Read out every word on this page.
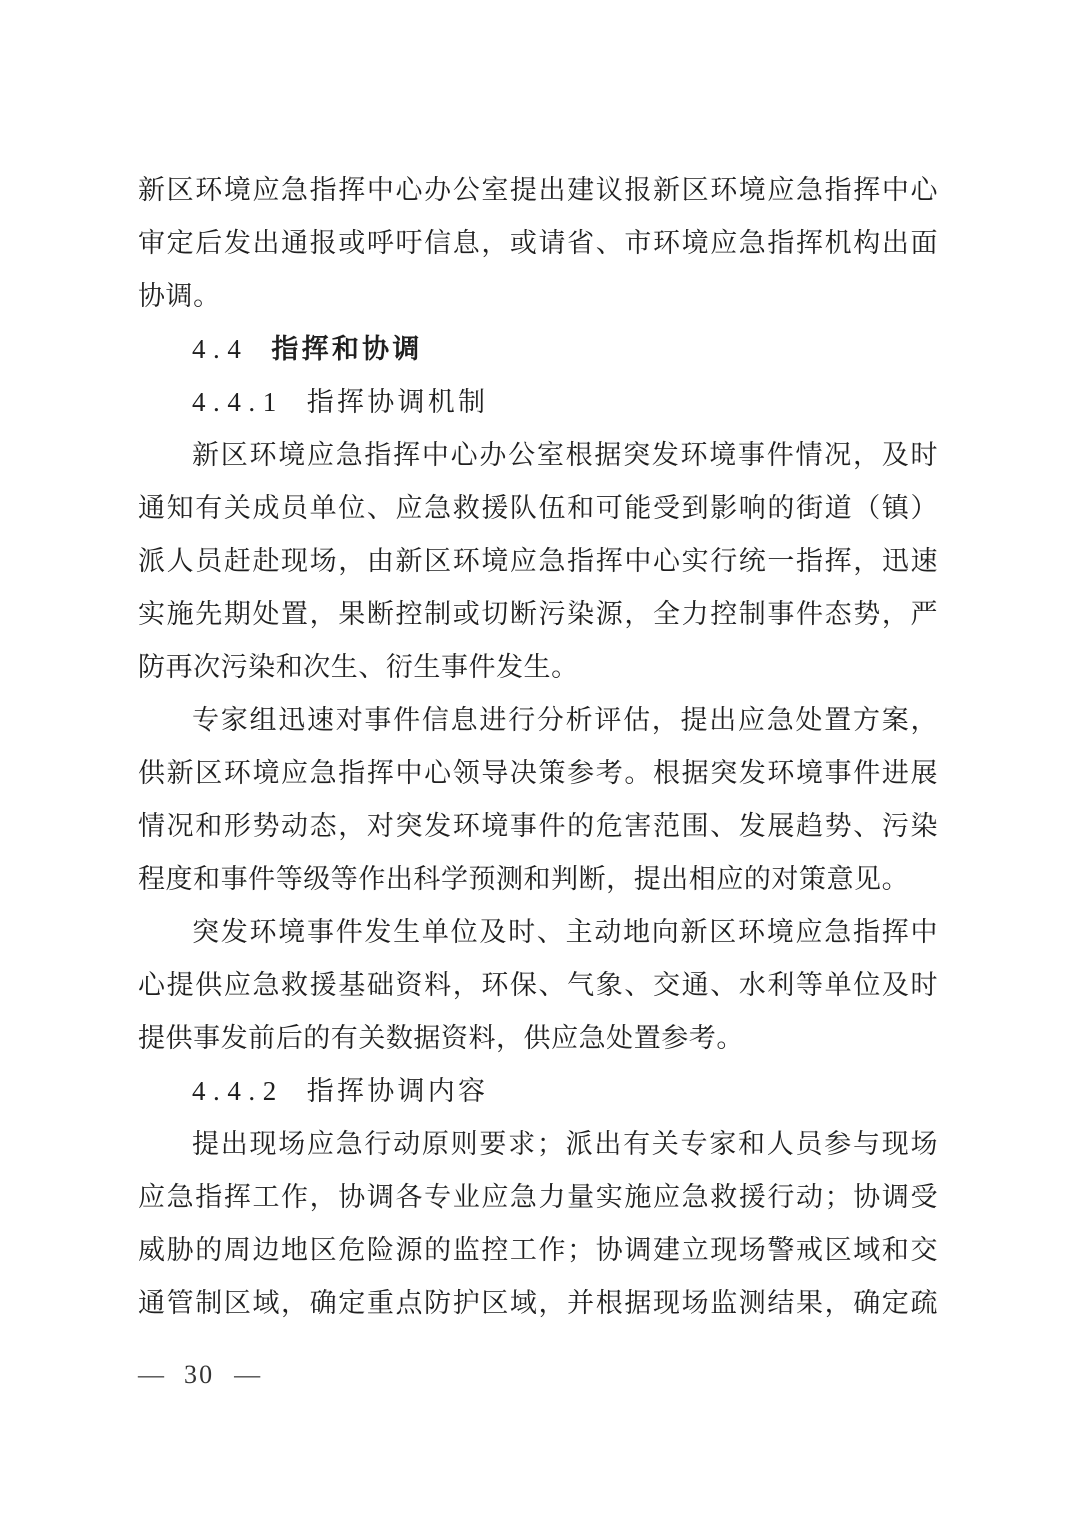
新区环境应急指挥中心办公室提出建议报新区环境应急指挥中心
审定后发出通报或呼吁信息，或请省、市环境应急指挥机构出面
协调。

4.4 指挥和协调
4.4.1 指挥协调机制

新区环境应急指挥中心办公室根据突发环境事件情况，及时
通知有关成员单位、应急救援队伍和可能受到影响的街道（镇）
派人员赶赴现场，由新区环境应急指挥中心实行统一指挥，迅速
实施先期处置，果断控制或切断污染源，全力控制事件态势，严
防再次污染和次生、衍生事件发生。

专家组迅速对事件信息进行分析评估，提出应急处置方案，
供新区环境应急指挥中心领导决策参考。根据突发环境事件进展
情况和形势动态，对突发环境事件的危害范围、发展趋势、污染
程度和事件等级等作出科学预测和判断，提出相应的对策意见。

突发环境事件发生单位及时、主动地向新区环境应急指挥中
心提供应急救援基础资料，环保、气象、交通、水利等单位及时
提供事发前后的有关数据资料，供应急处置参考。

4.4.2 指挥协调内容

提出现场应急行动原则要求；派出有关专家和人员参与现场
应急指挥工作，协调各专业应急力量实施应急救援行动；协调受
威胁的周边地区危险源的监控工作；协调建立现场警戒区域和交
通管制区域，确定重点防护区域，并根据现场监测结果，确定疏

— 30 —
